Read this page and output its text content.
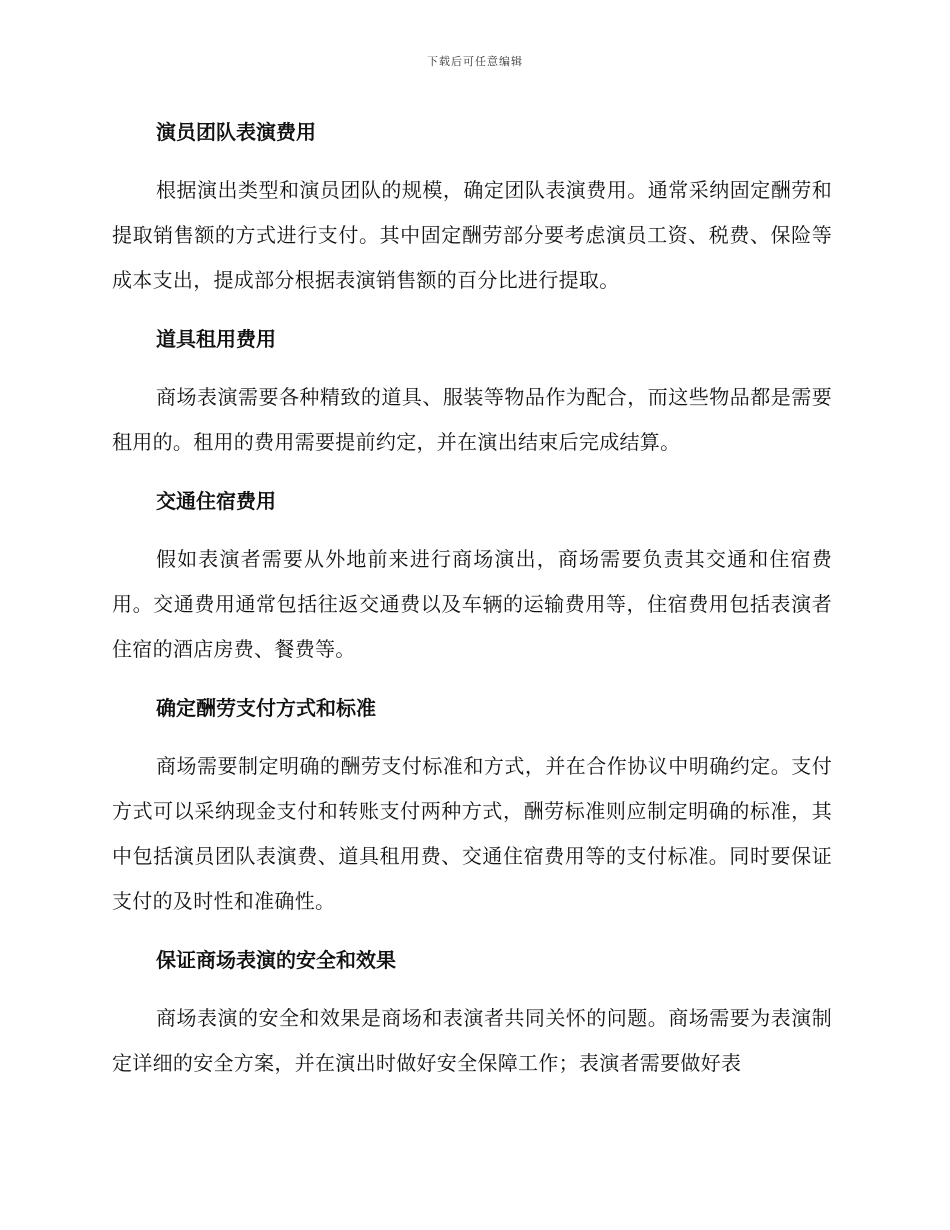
下载后可任意编辑
演员团队表演费用

根据演出类型和演员团队的规模，确定团队表演费用。通常采纳固定酬劳和提取销售额的方式进行支付。其中固定酬劳部分要考虑演员工资、税费、保险等成本支出，提成部分根据表演销售额的百分比进行提取。

道具租用费用

商场表演需要各种精致的道具、服装等物品作为配合，而这些物品都是需要租用的。租用的费用需要提前约定，并在演出结束后完成结算。

交通住宿费用

假如表演者需要从外地前来进行商场演出，商场需要负责其交通和住宿费用。交通费用通常包括往返交通费以及车辆的运输费用等，住宿费用包括表演者住宿的酒店房费、餐费等。

确定酬劳支付方式和标准

商场需要制定明确的酬劳支付标准和方式，并在合作协议中明确约定。支付方式可以采纳现金支付和转账支付两种方式，酬劳标准则应制定明确的标准，其中包括演员团队表演费、道具租用费、交通住宿费用等的支付标准。同时要保证支付的及时性和准确性。

保证商场表演的安全和效果

商场表演的安全和效果是商场和表演者共同关怀的问题。商场需要为表演制定详细的安全方案，并在演出时做好安全保障工作；表演者需要做好表
